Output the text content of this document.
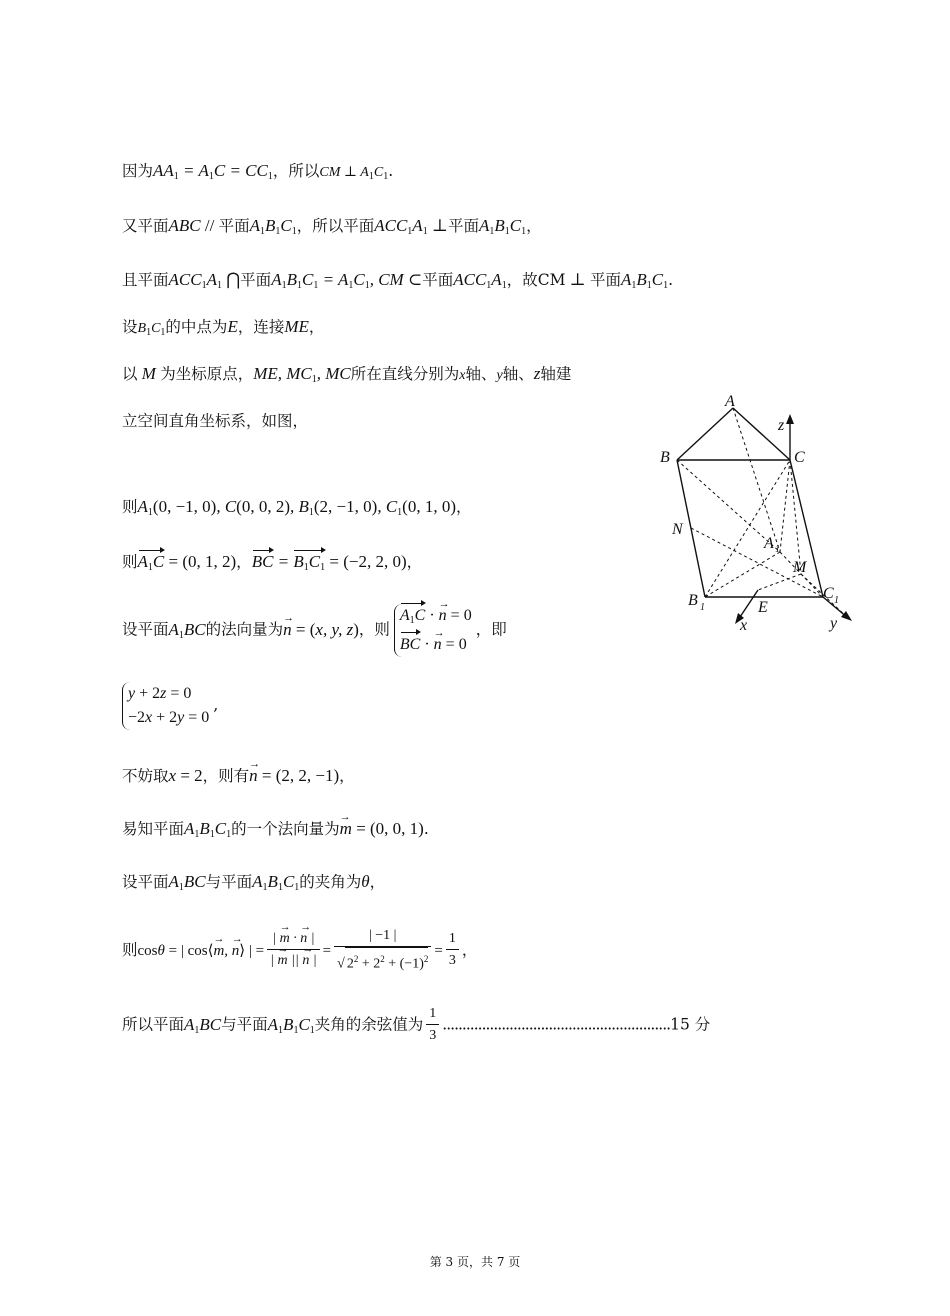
因为$AA_1 = A_1C = CC_1$，所以CM ⊥ $A_1C_1$.
又平面ABC // 平面$A_1B_1C_1$，所以平面$ACC_1A_1$ ⊥平面$A_1B_1C_1$，
且平面$ACC_1A_1$ ⋂平面$A_1B_1C_1 = A_1C_1$, CM ⊂平面$ACC_1A_1$，故CM ⊥ 平面$A_1B_1C_1$.
设$B_1C_1$的中点为E，连接ME，
以 M 为坐标原点，ME, $MC_1$, MC所在直线分别为x轴、y轴、z轴建
立空间直角坐标系，如图，
则$A_1(0$, −1, 0), C(0, 0, 2), $B_1(2$, −1, 0), $C_1(0$, 1, 0)，
则$A_1C = (0$, 1, 2)，BC = $B_1C_1 = (-2$, 2, 0)，
设平面$A_1BC$的法向量为→ n = (x, y, z)，则
$A_1C$ · → n = 0
BC · → n = 0
，即
y + 2z = 0
−2x + 2y = 0
,
不妨取x = 2，则有→ n = (2, 2, −1)，
易知平面$A_1B_1C_1$的一个法向量为→ m = (0, 0, 1).
设平面$A_1BC$与平面$A_1B_1C_1$的夹角为θ，
则cosθ = | cos⟨→ m, → n⟩ | = $\frac{| \to m \cdot \to n |}{| \to m || \to n |} = \frac{| -1 |}{√ 2^2 + 2^2 + (-1)^2} = \frac{1}{3}$ ，
所以平面$A_1BC$与平面$A_1B_1C_1$夹角的余弦值为 $\frac{1}{3} ..........................................................15$ 分
A
B	C
N
A 1
M
B 1
C 1
E
x	y
z
第 3 页，共 7 页
